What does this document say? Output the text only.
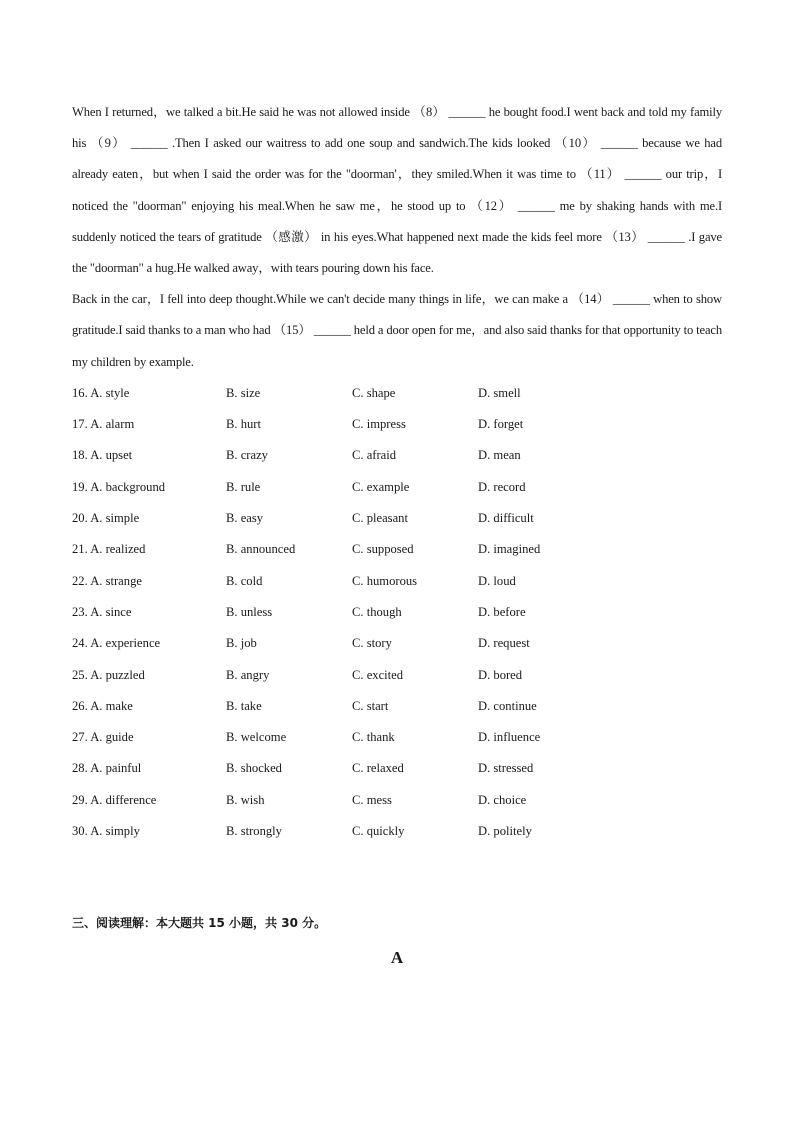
When I returned，we talked a bit.He said he was not allowed inside （8） ______ he bought food.I went back and told my family his （9） ______ .Then I asked our waitress to add one soup and sandwich.The kids looked （10） ______ because we had already eaten，but when I said the order was for the "doorman'，they smiled.When it was time to （11） ______ our trip，I noticed the "doorman" enjoying his meal.When he saw me，he stood up to （12） ______ me by shaking hands with me.I suddenly noticed the tears of gratitude （感激） in his eyes.What happened next made the kids feel more （13） ______ .I gave the "doorman" a hug.He walked away，with tears pouring down his face.

Back in the car，I fell into deep thought.While we can't decide many things in life，we can make a （14） ______ when to show gratitude.I said thanks to a man who had （15） ______ held a door open for me，and also said thanks for that opportunity to teach my children by example.

16. A. style	B. size	C. shape	D. smell
17. A. alarm	B. hurt	C. impress	D. forget
18. A. upset	B. crazy	C. afraid	D. mean
19. A. background	B. rule	C. example	D. record
20. A. simple	B. easy	C. pleasant	D. difficult
21. A. realized	B. announced	C. supposed	D. imagined
22. A. strange	B. cold	C. humorous	D. loud
23. A. since	B. unless	C. though	D. before
24. A. experience	B. job	C. story	D. request
25. A. puzzled	B. angry	C. excited	D. bored
26. A. make	B. take	C. start	D. continue
27. A. guide	B. welcome	C. thank	D. influence
28. A. painful	B. shocked	C. relaxed	D. stressed
29. A. difference	B. wish	C. mess	D. choice
30. A. simply	B. strongly	C. quickly	D. politely

三、阅读理解：本大题共 15 小题，共 30 分。

A
